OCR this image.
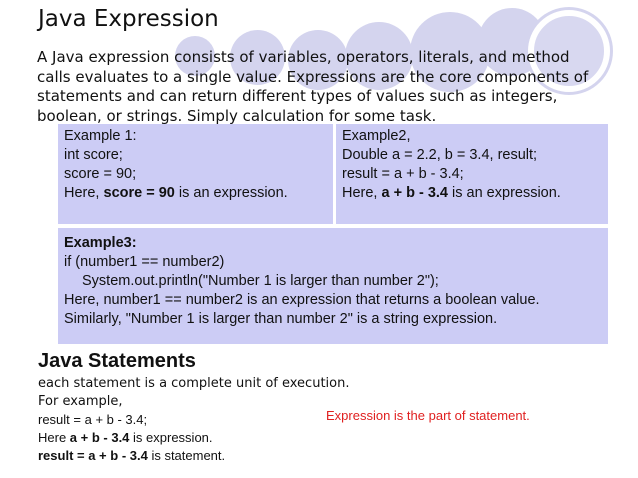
Java Expression
A Java expression consists of variables, operators, literals, and method calls evaluates to a single value. Expressions are the core components of statements and can return different types of values such as integers, boolean, or strings. Simply calculation for some task.
Example 1:
int score;
score = 90;
Here, score = 90 is an expression.
Example2,
Double a = 2.2, b = 3.4, result;
result = a + b - 3.4;
Here, a + b - 3.4 is an expression.
Example3:
if (number1 == number2)
System.out.println("Number 1 is larger than number 2");
Here, number1 == number2 is an expression that returns a boolean value.
Similarly, "Number 1 is larger than number 2" is a string expression.
Java Statements
each statement is a complete unit of execution.
For example,
result = a + b - 3.4;
Here a + b - 3.4 is expression.
result = a + b - 3.4 is statement.
Expression is the part of statement.
